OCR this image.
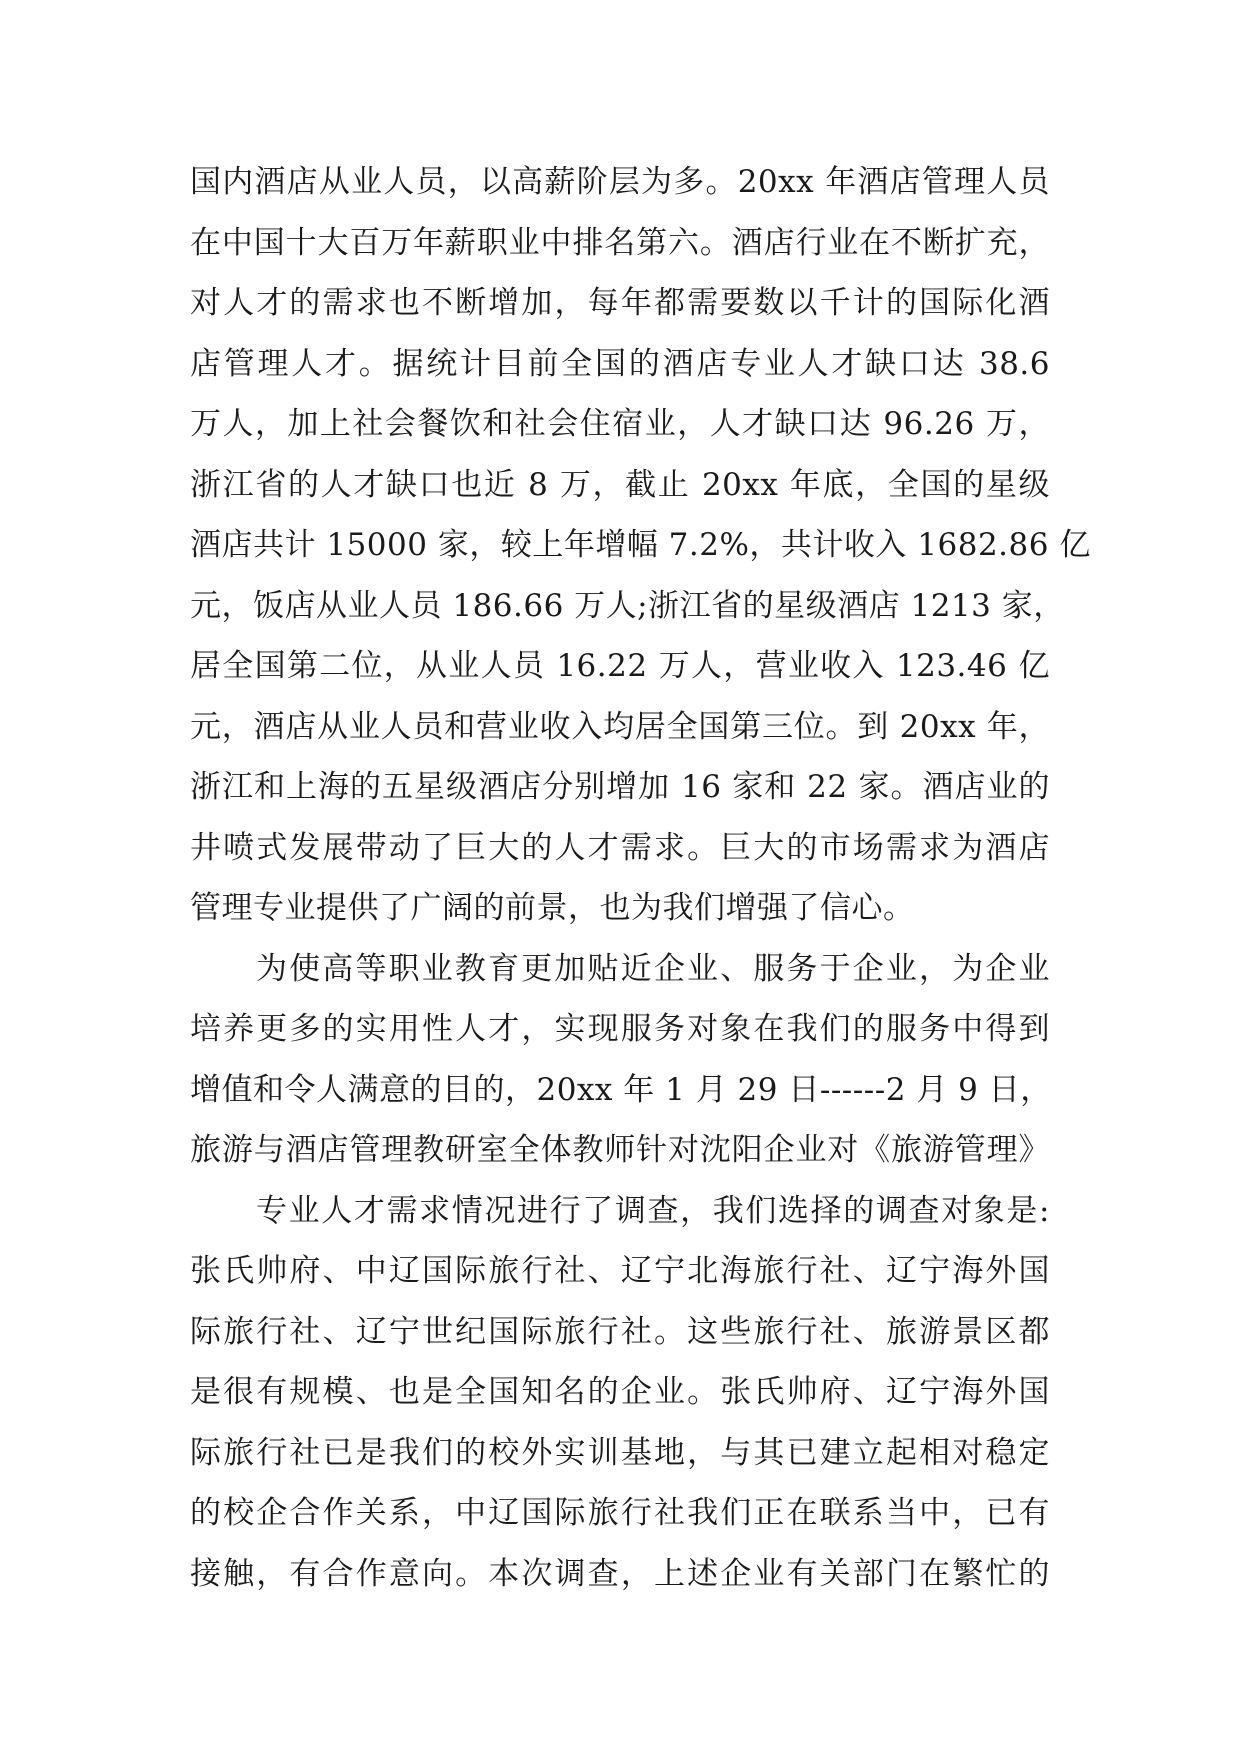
国内酒店从业人员，以高薪阶层为多。20xx 年酒店管理人员
在中国十大百万年薪职业中排名第六。酒店行业在不断扩充，
对人才的需求也不断增加，每年都需要数以千计的国际化酒
店管理人才。据统计目前全国的酒店专业人才缺口达 38.6
万人，加上社会餐饮和社会住宿业，人才缺口达 96.26 万，
浙江省的人才缺口也近 8 万，截止 20xx 年底，全国的星级
酒店共计 15000 家，较上年增幅 7.2%，共计收入 1682.86 亿
元，饭店从业人员 186.66 万人;浙江省的星级酒店 1213 家，
居全国第二位，从业人员 16.22 万人，营业收入 123.46 亿
元，酒店从业人员和营业收入均居全国第三位。到 20xx 年，
浙江和上海的五星级酒店分别增加 16 家和 22 家。酒店业的
井喷式发展带动了巨大的人才需求。巨大的市场需求为酒店
管理专业提供了广阔的前景，也为我们增强了信心。
为使高等职业教育更加贴近企业、服务于企业，为企业
培养更多的实用性人才，实现服务对象在我们的服务中得到
增值和令人满意的目的，20xx 年 1 月 29 日------2 月 9 日，
旅游与酒店管理教研室全体教师针对沈阳企业对《旅游管理》
专业人才需求情况进行了调查，我们选择的调查对象是:
张氏帅府、中辽国际旅行社、辽宁北海旅行社、辽宁海外国
际旅行社、辽宁世纪国际旅行社。这些旅行社、旅游景区都
是很有规模、也是全国知名的企业。张氏帅府、辽宁海外国
际旅行社已是我们的校外实训基地，与其已建立起相对稳定
的校企合作关系，中辽国际旅行社我们正在联系当中，已有
接触，有合作意向。本次调查，上述企业有关部门在繁忙的
